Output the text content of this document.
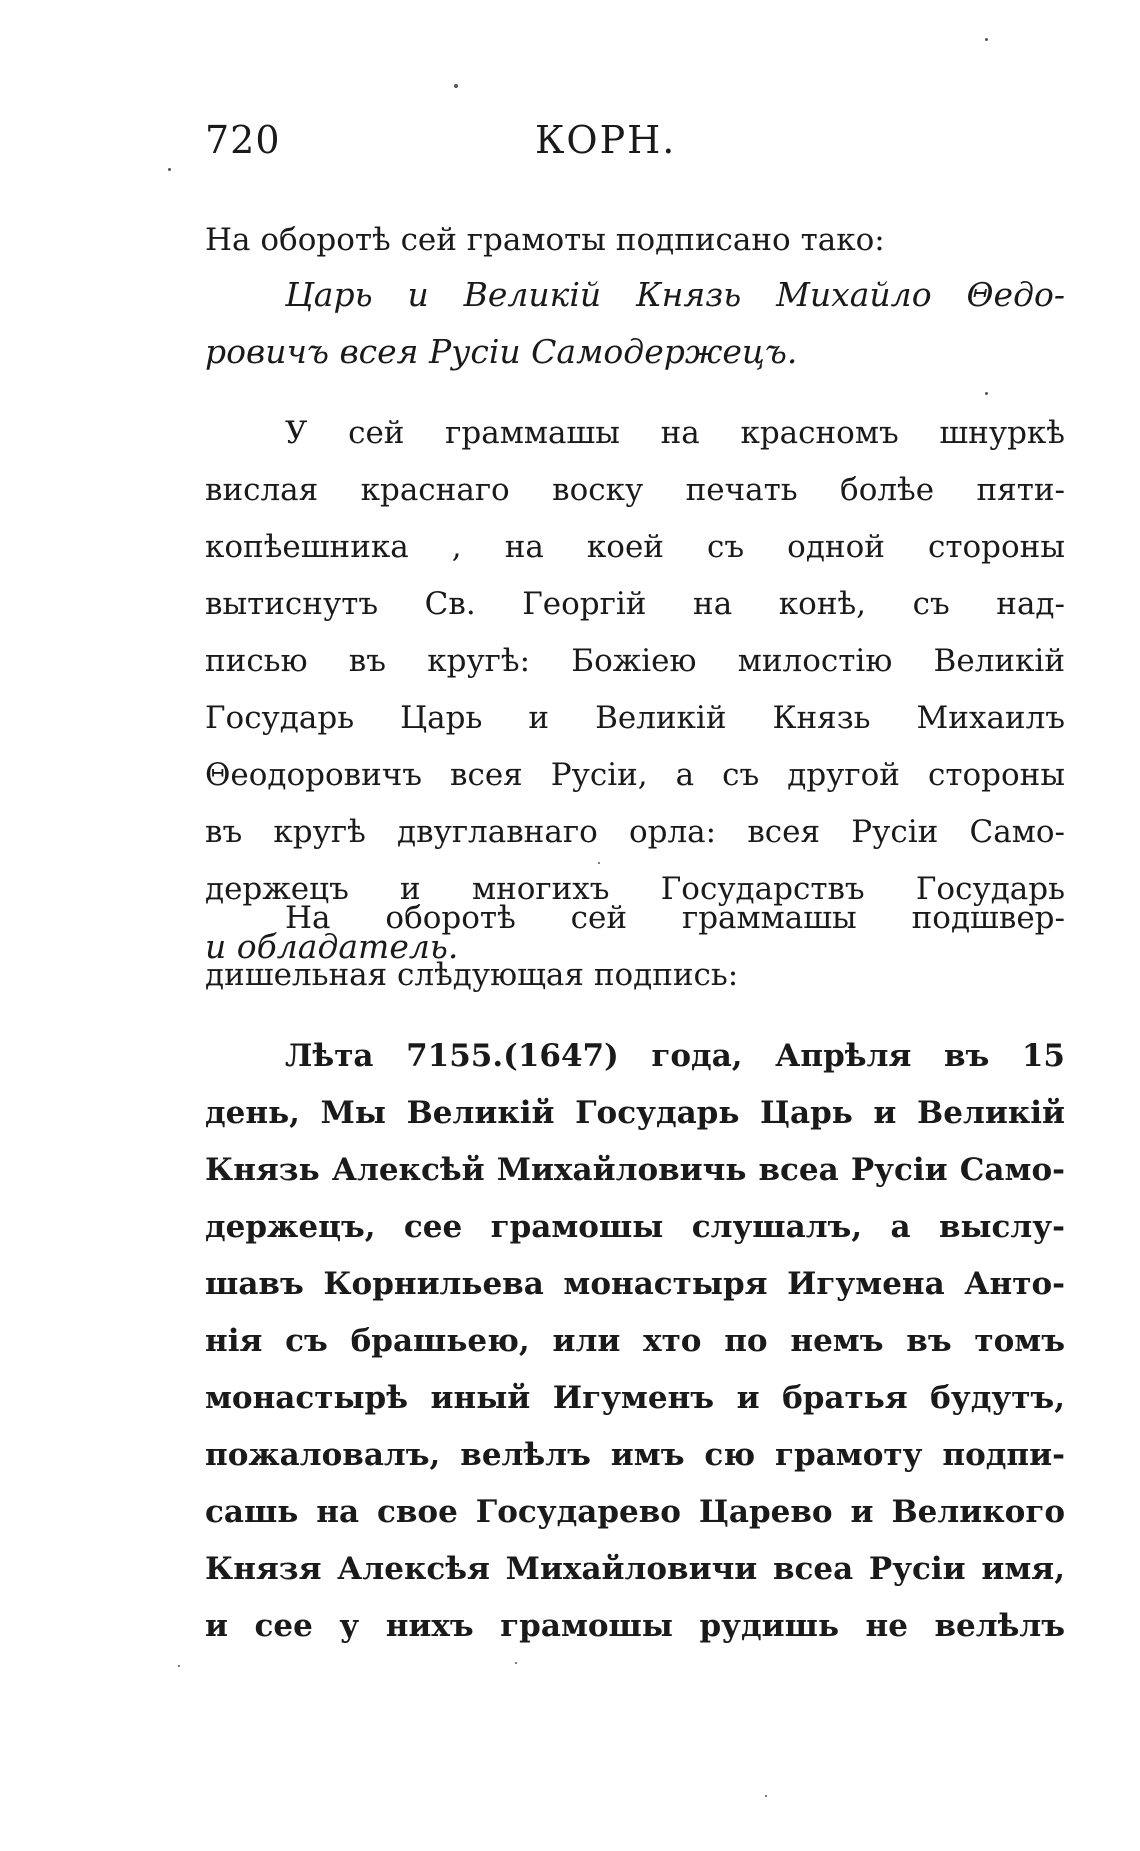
720	КОРН.
На оборотѣ сей грамоты подписано тако:
Царь и Великій Князь Михайло Θедо-
ровичъ всея Русіи Самодержецъ.
У сей граммашы на красномъ шнуркѣ
вислая краснаго воску печать болѣе пяти-
копѣешника , на коей съ одной стороны
вытиснутъ Св. Георгій на конѣ, съ над-
писью въ кругѣ: Божіею милостію Великій
Государь Царь и Великій Князь Михаилъ
Θеодоровичъ всея Русіи, а съ другой стороны
въ кругѣ двуглавнаго орла: всея Русіи Само-
держецъ и многихъ Государствъ Государь
и обладатель.
На оборотѣ сей граммашы подшвер-
дишельная слѣдующая подпись:
Лѣта 7155.(1647) года, Апрѣля въ 15
день, Мы Великій Государь Царь и Великій
Князь Алексѣй Михайловичь всеа Русіи Само-
держецъ, сее грамошы слушалъ, а выслу-
шавъ Корнильева монастыря Игумена Анто-
нія съ брашьею, или хто по немъ въ томъ
монастырѣ иный Игуменъ и братья будутъ,
пожаловалъ, велѣлъ имъ сю грамоту подпи-
сашь на свое Государево Царево и Великого
Князя Алексѣя Михайловичи всеа Русіи имя,
и сее у нихъ грамошы рудишь не велѣлъ
